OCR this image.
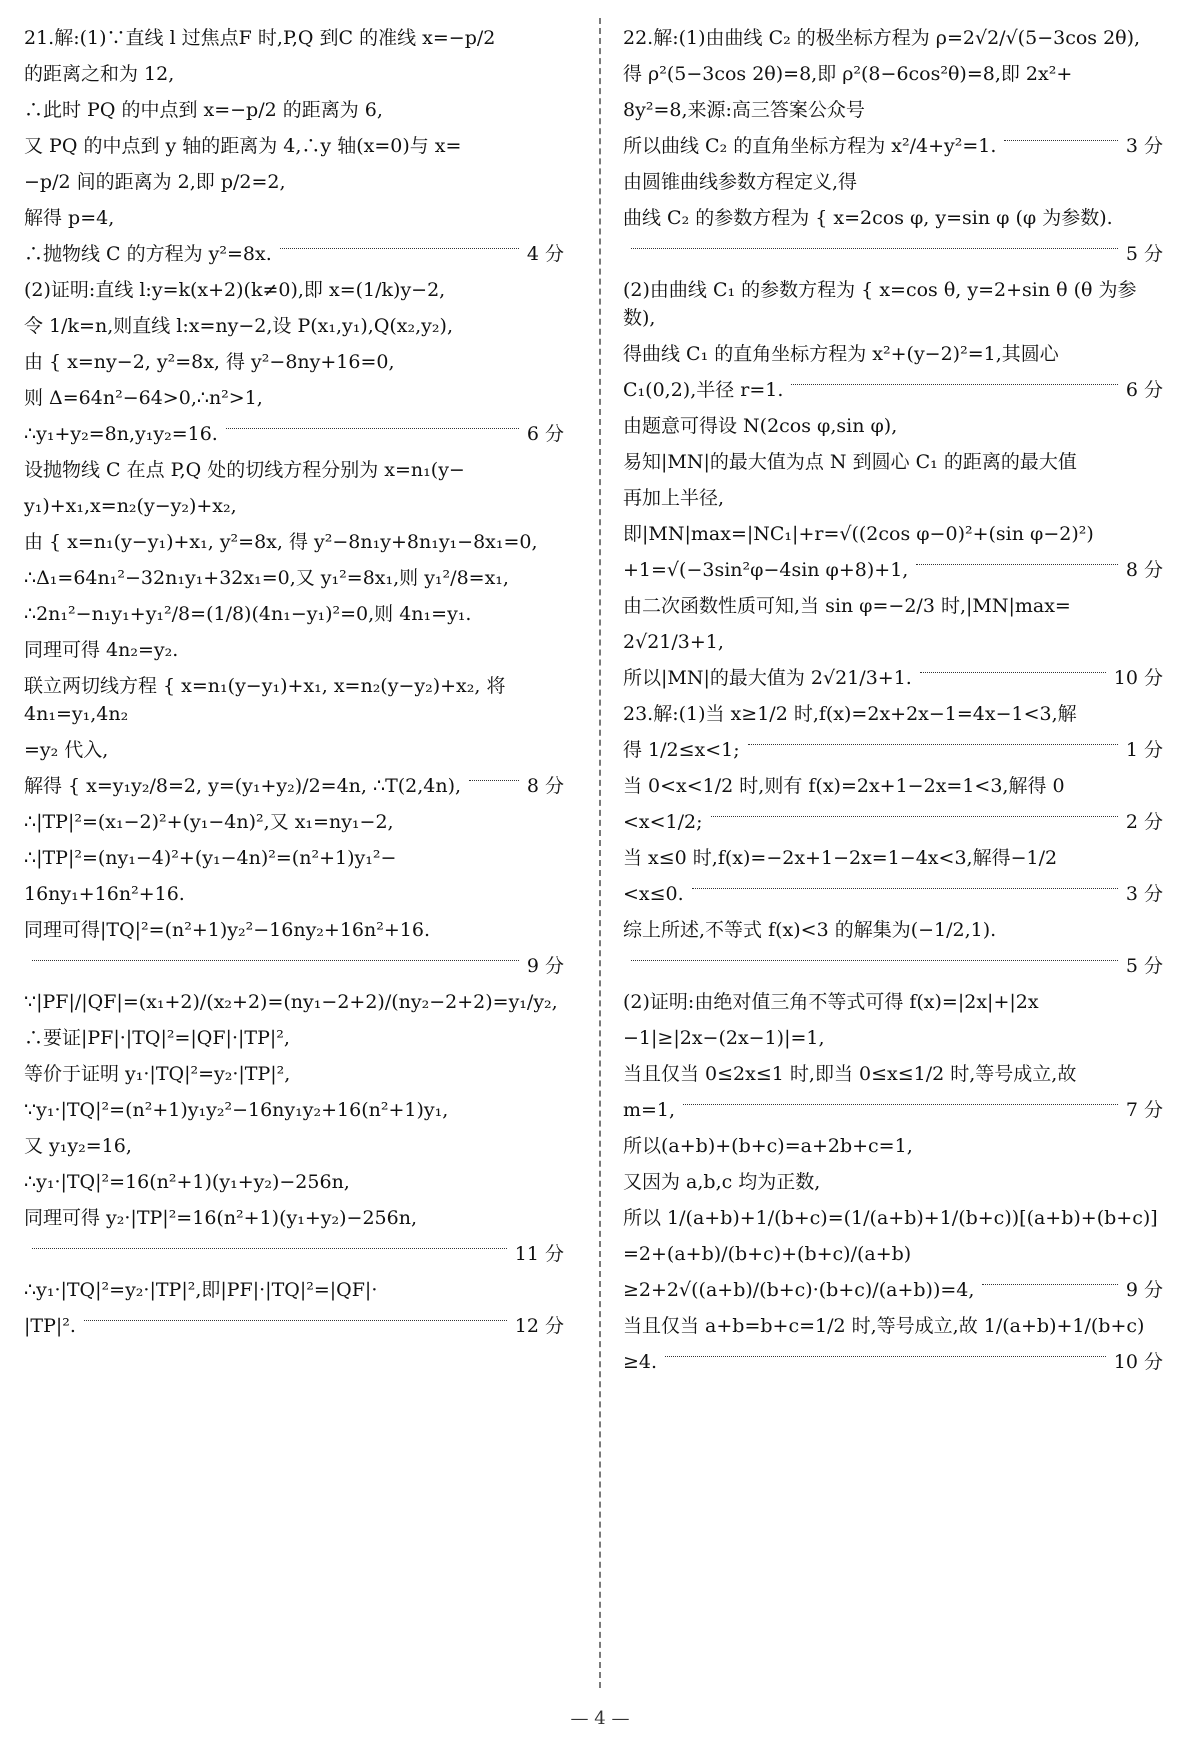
21.解:(1)∵直线 l 过焦点F 时,P,Q 到C 的准线 x=−p/2
的距离之和为 12,
∴此时 PQ 的中点到 x=−p/2 的距离为 6,
又 PQ 的中点到 y 轴的距离为 4,∴y 轴(x=0)与 x=
−p/2 间的距离为 2,即 p/2=2,
解得 p=4,
∴抛物线 C 的方程为 y²=8x.	4 分
(2)证明:直线 l:y=k(x+2)(k≠0),即 x=(1/k)y−2,
令 1/k=n,则直线 l:x=ny−2,设 P(x₁,y₁),Q(x₂,y₂),
由 { x=ny−2, y²=8x, 得 y²−8ny+16=0,
则 Δ=64n²−64>0,∴n²>1,
∴y₁+y₂=8n,y₁y₂=16.	6 分
设抛物线 C 在点 P,Q 处的切线方程分别为 x=n₁(y−
y₁)+x₁,x=n₂(y−y₂)+x₂,
由 { x=n₁(y−y₁)+x₁, y²=8x, 得 y²−8n₁y+8n₁y₁−8x₁=0,
∴Δ₁=64n₁²−32n₁y₁+32x₁=0,又 y₁²=8x₁,则 y₁²/8=x₁,
∴2n₁²−n₁y₁+y₁²/8=(1/8)(4n₁−y₁)²=0,则 4n₁=y₁.
同理可得 4n₂=y₂.
联立两切线方程 { x=n₁(y−y₁)+x₁, x=n₂(y−y₂)+x₂, 将 4n₁=y₁,4n₂
=y₂ 代入,
解得 { x=y₁y₂/8=2, y=(y₁+y₂)/2=4n, ∴T(2,4n),	8 分
∴|TP|²=(x₁−2)²+(y₁−4n)²,又 x₁=ny₁−2,
∴|TP|²=(ny₁−4)²+(y₁−4n)²=(n²+1)y₁²−
16ny₁+16n²+16.
同理可得|TQ|²=(n²+1)y₂²−16ny₂+16n²+16.
9 分
∵|PF|/|QF|=(x₁+2)/(x₂+2)=(ny₁−2+2)/(ny₂−2+2)=y₁/y₂,
∴要证|PF|·|TQ|²=|QF|·|TP|²,
等价于证明 y₁·|TQ|²=y₂·|TP|²,
∵y₁·|TQ|²=(n²+1)y₁y₂²−16ny₁y₂+16(n²+1)y₁,
又 y₁y₂=16,
∴y₁·|TQ|²=16(n²+1)(y₁+y₂)−256n,
同理可得 y₂·|TP|²=16(n²+1)(y₁+y₂)−256n,
11 分
∴y₁·|TQ|²=y₂·|TP|²,即|PF|·|TQ|²=|QF|·
|TP|².	12 分
22.解:(1)由曲线 C₂ 的极坐标方程为 ρ=2√2/√(5−3cos 2θ),
得 ρ²(5−3cos 2θ)=8,即 ρ²(8−6cos²θ)=8,即 2x²+
8y²=8,来源:高三答案公众号
所以曲线 C₂ 的直角坐标方程为 x²/4+y²=1.	3 分
由圆锥曲线参数方程定义,得
曲线 C₂ 的参数方程为 { x=2cos φ, y=sin φ (φ 为参数).
5 分
(2)由曲线 C₁ 的参数方程为 { x=cos θ, y=2+sin θ (θ 为参数),
得曲线 C₁ 的直角坐标方程为 x²+(y−2)²=1,其圆心
C₁(0,2),半径 r=1.	6 分
由题意可得设 N(2cos φ,sin φ),
易知|MN|的最大值为点 N 到圆心 C₁ 的距离的最大值
再加上半径,
即|MN|max=|NC₁|+r=√((2cos φ−0)²+(sin φ−2)²)
+1=√(−3sin²φ−4sin φ+8)+1,	8 分
由二次函数性质可知,当 sin φ=−2/3 时,|MN|max=
2√21/3+1,
所以|MN|的最大值为 2√21/3+1.	10 分
23.解:(1)当 x≥1/2 时,f(x)=2x+2x−1=4x−1<3,解
得 1/2≤x<1;	1 分
当 0<x<1/2 时,则有 f(x)=2x+1−2x=1<3,解得 0
<x<1/2;	2 分
当 x≤0 时,f(x)=−2x+1−2x=1−4x<3,解得−1/2
<x≤0.	3 分
综上所述,不等式 f(x)<3 的解集为(−1/2,1).
5 分
(2)证明:由绝对值三角不等式可得 f(x)=|2x|+|2x
−1|≥|2x−(2x−1)|=1,
当且仅当 0≤2x≤1 时,即当 0≤x≤1/2 时,等号成立,故
m=1,	7 分
所以(a+b)+(b+c)=a+2b+c=1,
又因为 a,b,c 均为正数,
所以 1/(a+b)+1/(b+c)=(1/(a+b)+1/(b+c))[(a+b)+(b+c)]
=2+(a+b)/(b+c)+(b+c)/(a+b)
≥2+2√((a+b)/(b+c)·(b+c)/(a+b))=4,	9 分
当且仅当 a+b=b+c=1/2 时,等号成立,故 1/(a+b)+1/(b+c)
≥4.	10 分
— 4 —
